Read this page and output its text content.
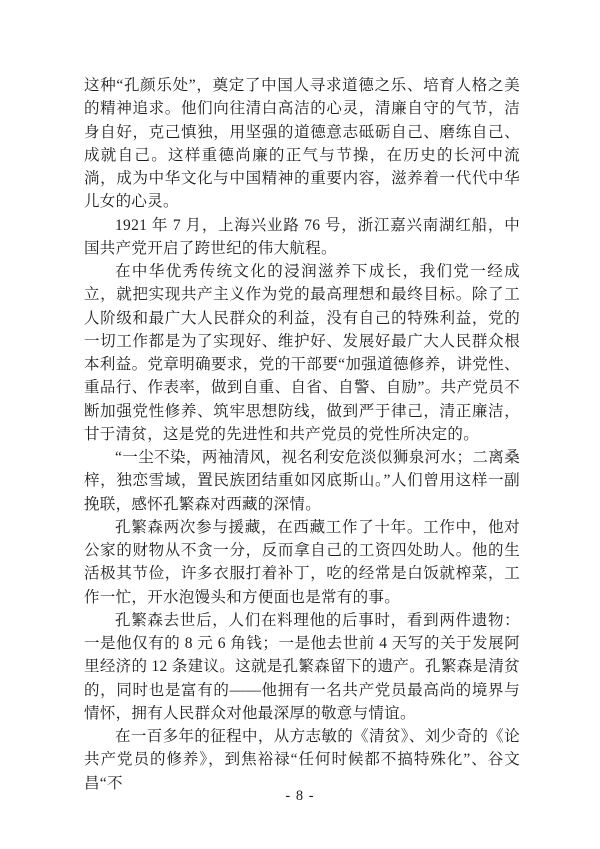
这种“孔颜乐处”，奠定了中国人寻求道德之乐、培育人格之美的精神追求。他们向往清白高洁的心灵，清廉自守的气节，洁身自好，克己慎独，用坚强的道德意志砥砺自己、磨练自己、成就自己。这样重德尚廉的正气与节操，在历史的长河中流淌，成为中华文化与中国精神的重要内容，滋养着一代代中华儿女的心灵。

1921 年 7 月，上海兴业路 76 号，浙江嘉兴南湖红船，中国共产党开启了跨世纪的伟大航程。

在中华优秀传统文化的浸润滋养下成长，我们党一经成立，就把实现共产主义作为党的最高理想和最终目标。除了工人阶级和最广大人民群众的利益，没有自己的特殊利益，党的一切工作都是为了实现好、维护好、发展好最广大人民群众根本利益。党章明确要求，党的干部要“加强道德修养，讲党性、重品行、作表率，做到自重、自省、自警、自励”。共产党员不断加强党性修养、筑牢思想防线，做到严于律己，清正廉洁，甘于清贫，这是党的先进性和共产党员的党性所决定的。

“一尘不染，两袖清风，视名利安危淡似狮泉河水；二离桑梓，独恋雪域，置民族团结重如冈底斯山。”人们曾用这样一副挽联，感怀孔繁森对西藏的深情。

孔繁森两次参与援藏，在西藏工作了十年。工作中，他对公家的财物从不贪一分，反而拿自己的工资四处助人。他的生活极其节俭，许多衣服打着补丁，吃的经常是白饭就榨菜，工作一忙，开水泡馒头和方便面也是常有的事。

孔繁森去世后，人们在料理他的后事时，看到两件遗物：一是他仅有的 8 元 6 角钱；一是他去世前 4 天写的关于发展阿里经济的 12 条建议。这就是孔繁森留下的遗产。孔繁森是清贫的，同时也是富有的——他拥有一名共产党员最高尚的境界与情怀，拥有人民群众对他最深厚的敬意与情谊。

在一百多年的征程中，从方志敏的《清贫》、刘少奇的《论共产党员的修养》，到焦裕禄“任何时候都不搞特殊化”、谷文昌“不

- 8 -
